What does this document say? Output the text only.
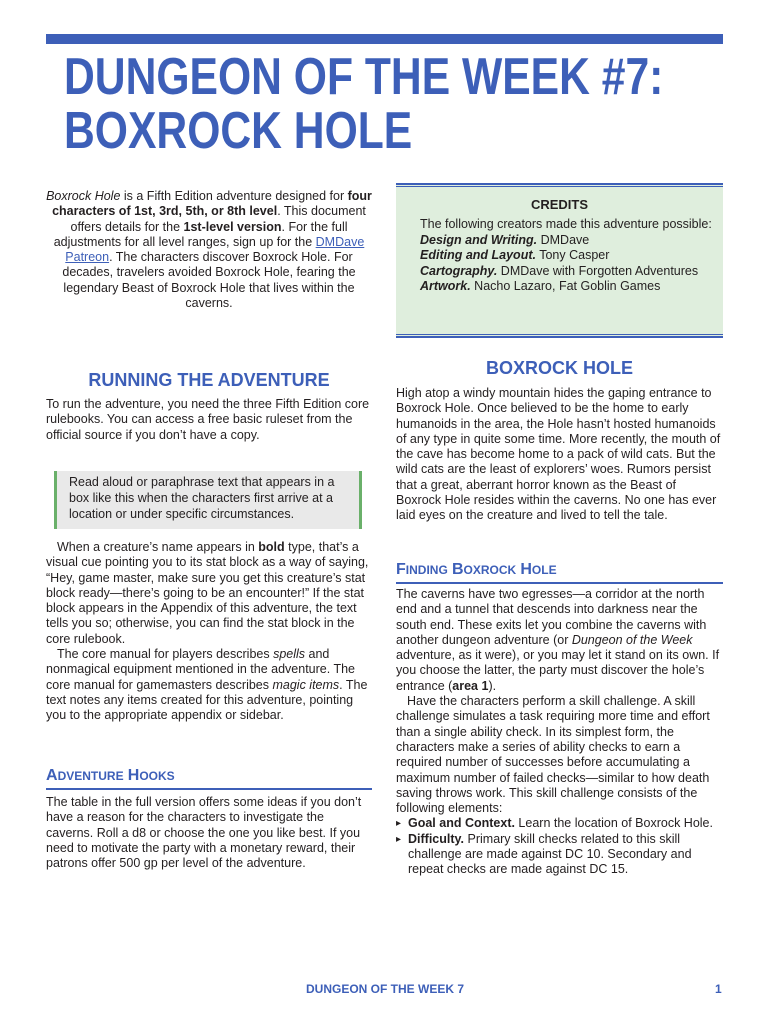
DUNGEON OF THE WEEK #7:
BOXROCK HOLE

Boxrock Hole is a Fifth Edition adventure designed for four characters of 1st, 3rd, 5th, or 8th level. This document offers details for the 1st-level version. For the full adjustments for all level ranges, sign up for the DMDave Patreon. The characters discover Boxrock Hole. For decades, travelers avoided Boxrock Hole, fearing the legendary Beast of Boxrock Hole that lives within the caverns.

CREDITS

The following creators made this adventure possible:

Design and Writing. DMDave

Editing and Layout. Tony Casper

Cartography. DMDave with Forgotten Adventures

Artwork. Nacho Lazaro, Fat Goblin Games

RUNNING THE ADVENTURE

To run the adventure, you need the three Fifth Edition core rulebooks. You can access a free basic ruleset from the official source if you don’t have a copy.

Read aloud or paraphrase text that appears in a box like this when the characters first arrive at a location or under specific circumstances.

When a creature’s name appears in bold type, that’s a visual cue pointing you to its stat block as a way of saying, “Hey, game master, make sure you get this creature’s stat block ready—there’s going to be an encounter!” If the stat block appears in the Appendix of this adventure, the text tells you so; otherwise, you can find the stat block in the core rulebook.

The core manual for players describes spells and nonmagical equipment mentioned in the adventure. The core manual for gamemasters describes magic items. The text notes any items created for this adventure, pointing you to the appropriate appendix or sidebar.

ADVENTURE HOOKS

The table in the full version offers some ideas if you don’t have a reason for the characters to investigate the caverns. Roll a d8 or choose the one you like best. If you need to motivate the party with a monetary reward, their patrons offer 500 gp per level of the adventure.

BOXROCK HOLE

High atop a windy mountain hides the gaping entrance to Boxrock Hole. Once believed to be the home to early humanoids in the area, the Hole hasn’t hosted humanoids of any type in quite some time. More recently, the mouth of the cave has become home to a pack of wild cats. But the wild cats are the least of explorers’ woes. Rumors persist that a great, aberrant horror known as the Beast of Boxrock Hole resides within the caverns. No one has ever laid eyes on the creature and lived to tell the tale.

FINDING BOXROCK HOLE

The caverns have two egresses—a corridor at the north end and a tunnel that descends into darkness near the south end. These exits let you combine the caverns with another dungeon adventure (or Dungeon of the Week adventure, as it were), or you may let it stand on its own. If you choose the latter, the party must discover the hole’s entrance (area 1).

Have the characters perform a skill challenge. A skill challenge simulates a task requiring more time and effort than a single ability check. In its simplest form, the characters make a series of ability checks to earn a required number of successes before accumulating a maximum number of failed checks—similar to how death saving throws work. This skill challenge consists of the following elements:

▸ Goal and Context. Learn the location of Boxrock Hole.

▸ Difficulty. Primary skill checks related to this skill challenge are made against DC 10. Secondary and repeat checks are made against DC 15.

DUNGEON OF THE WEEK 7	1
